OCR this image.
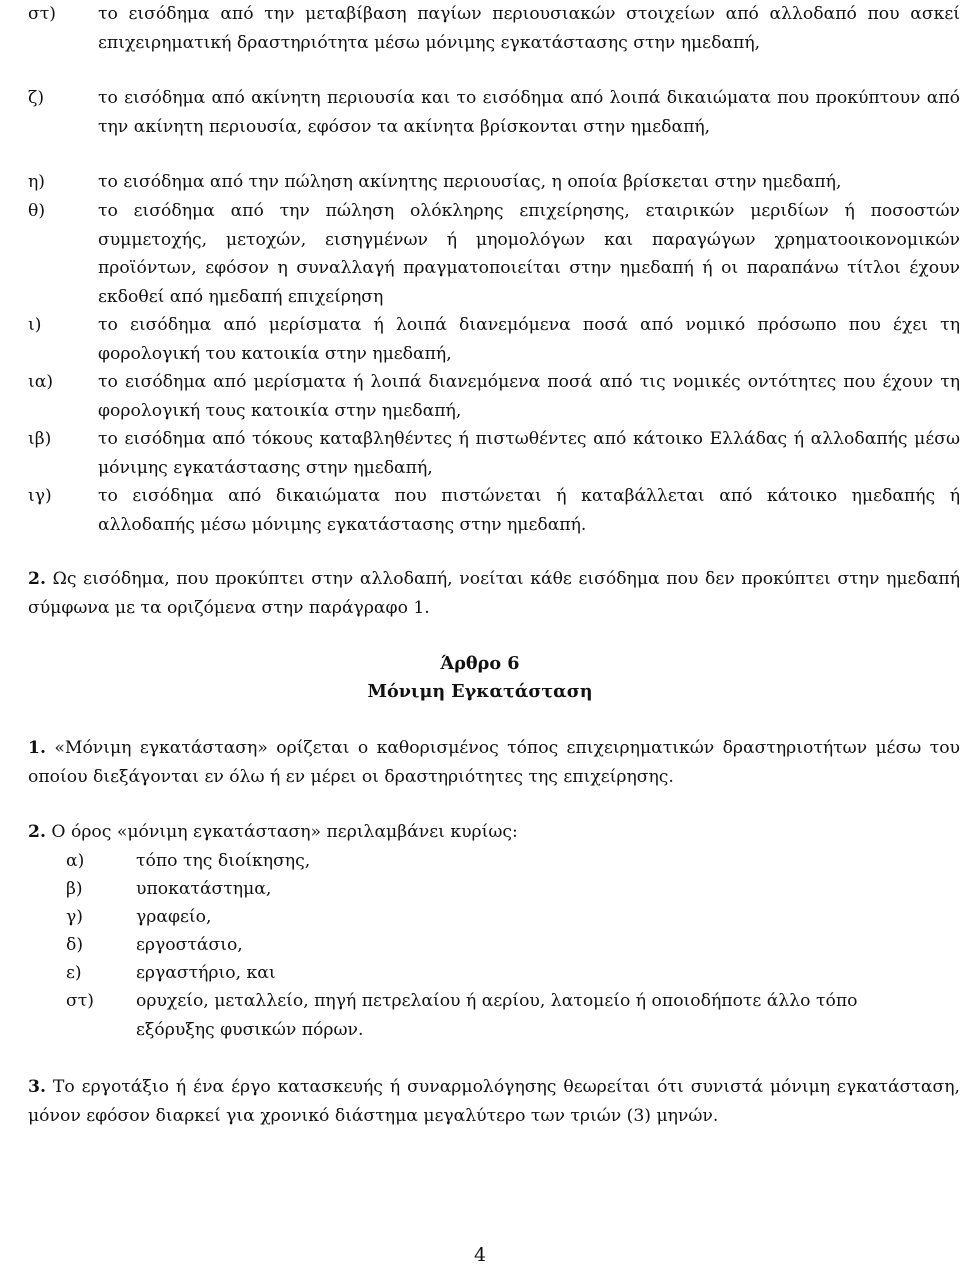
στ)	το εισόδημα από την μεταβίβαση παγίων περιουσιακών στοιχείων από αλλοδαπό που ασκεί επιχειρηματική δραστηριότητα μέσω μόνιμης εγκατάστασης στην ημεδαπή,
ζ)	το εισόδημα από ακίνητη περιουσία και το εισόδημα από λοιπά δικαιώματα που προκύπτουν από την ακίνητη περιουσία, εφόσον τα ακίνητα βρίσκονται στην ημεδαπή,
η)	το εισόδημα από την πώληση ακίνητης περιουσίας, η οποία βρίσκεται στην ημεδαπή,
θ)	το εισόδημα από την πώληση ολόκληρης επιχείρησης, εταιρικών μεριδίων ή ποσοστών συμμετοχής, μετοχών, εισηγμένων ή μηομολόγων και παραγώγων χρηματοοικονομικών προϊόντων, εφόσον η συναλλαγή πραγματοποιείται στην ημεδαπή ή οι παραπάνω τίτλοι έχουν εκδοθεί από ημεδαπή επιχείρηση
ι)	το εισόδημα από μερίσματα ή λοιπά διανεμόμενα ποσά από νομικό πρόσωπο που έχει τη φορολογική του κατοικία στην ημεδαπή,
ια)	το εισόδημα από μερίσματα ή λοιπά διανεμόμενα ποσά από τις νομικές οντότητες που έχουν τη φορολογική τους κατοικία στην ημεδαπή,
ιβ)	το εισόδημα από τόκους καταβληθέντες ή πιστωθέντες από κάτοικο Ελλάδας ή αλλοδαπής μέσω μόνιμης εγκατάστασης στην ημεδαπή,
ιγ)	το εισόδημα από δικαιώματα που πιστώνεται ή καταβάλλεται από κάτοικο ημεδαπής ή αλλοδαπής μέσω μόνιμης εγκατάστασης στην ημεδαπή.
2. Ως εισόδημα, που προκύπτει στην αλλοδαπή, νοείται κάθε εισόδημα που δεν προκύπτει στην ημεδαπή σύμφωνα με τα οριζόμενα στην παράγραφο 1.
Άρθρο 6
Μόνιμη Εγκατάσταση
1. «Μόνιμη εγκατάσταση» ορίζεται ο καθορισμένος τόπος επιχειρηματικών δραστηριοτήτων μέσω του οποίου διεξάγονται εν όλω ή εν μέρει οι δραστηριότητες της επιχείρησης.
2. Ο όρος «μόνιμη εγκατάσταση» περιλαμβάνει κυρίως:
α)	τόπο της διοίκησης,
β)	υποκατάστημα,
γ)	γραφείο,
δ)	εργοστάσιο,
ε)	εργαστήριο, και
στ) ορυχείο, μεταλλείο, πηγή πετρελαίου ή αερίου, λατομείο ή οποιοδήποτε άλλο τόπο εξόρυξης φυσικών πόρων.
3. Το εργοτάξιο ή ένα έργο κατασκευής ή συναρμολόγησης θεωρείται ότι συνιστά μόνιμη εγκατάσταση, μόνον εφόσον διαρκεί για χρονικό διάστημα μεγαλύτερο των τριών (3) μηνών.
4
